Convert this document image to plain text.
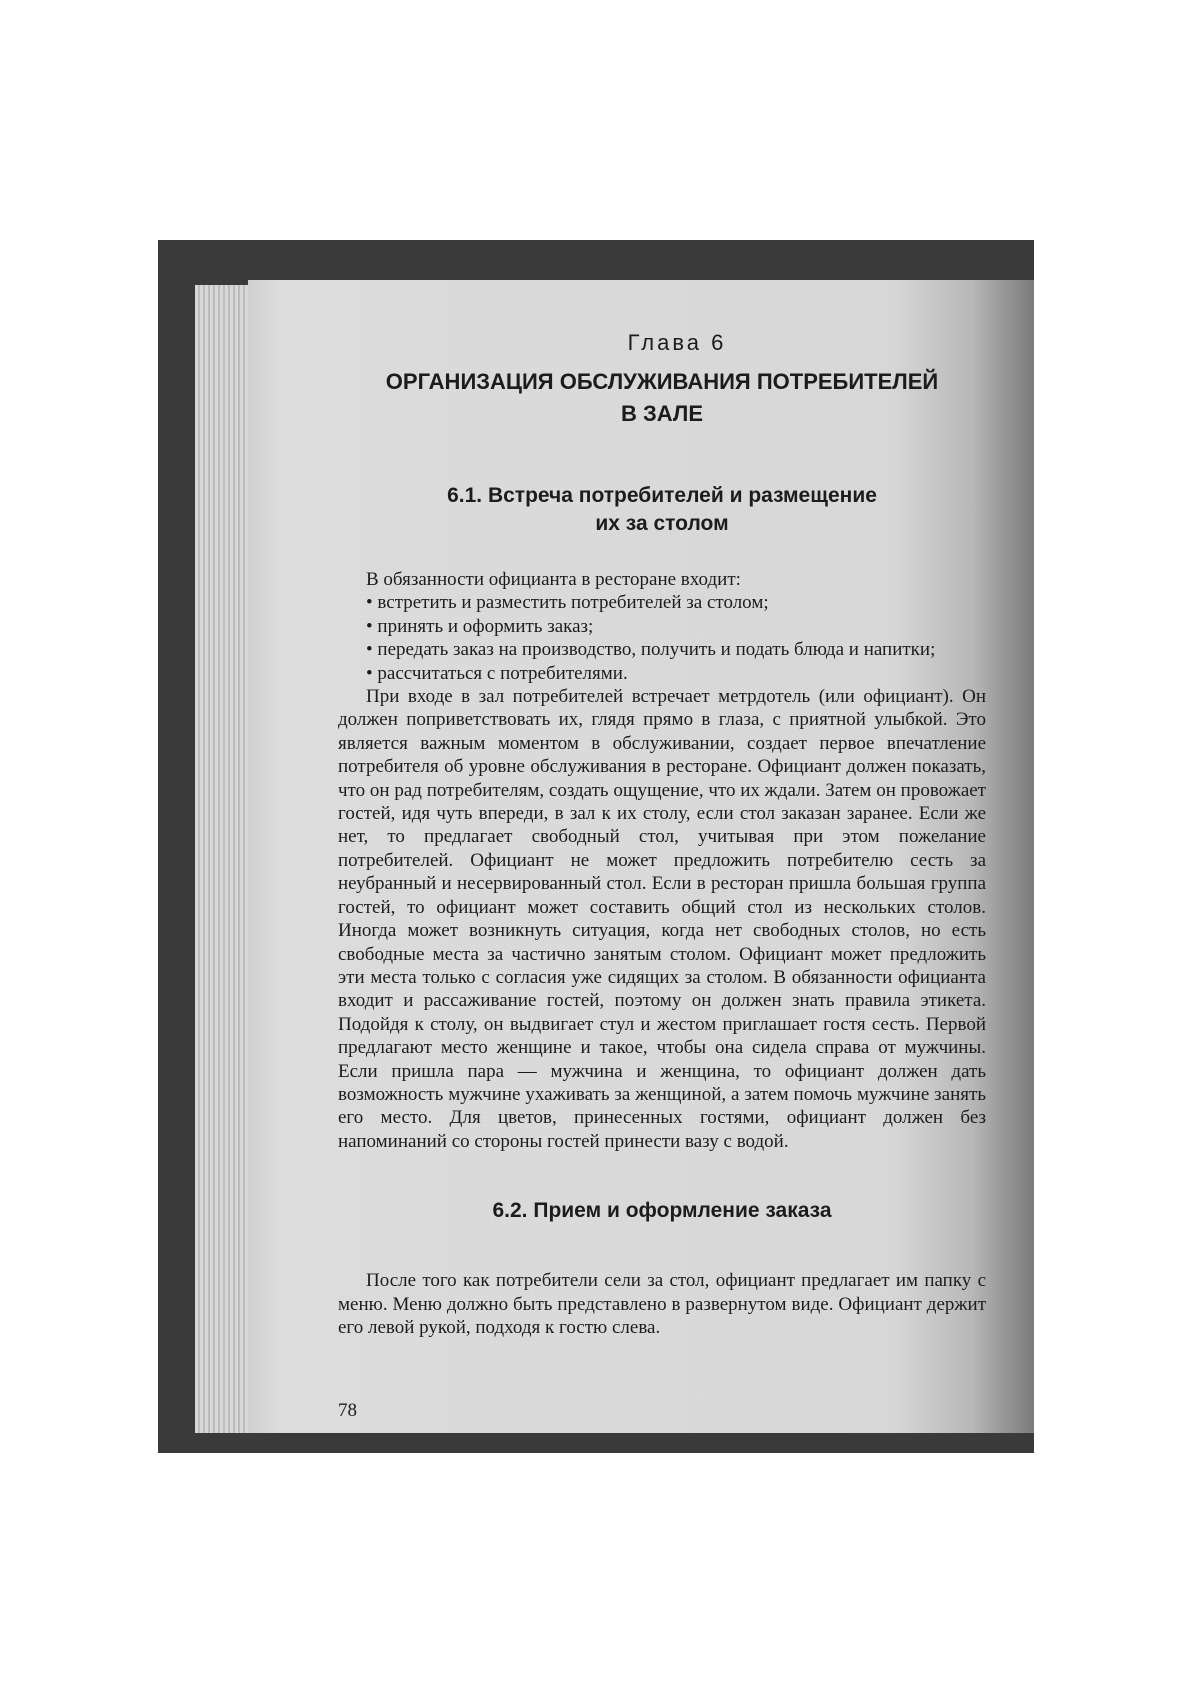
Глава 6
ОРГАНИЗАЦИЯ ОБСЛУЖИВАНИЯ ПОТРЕБИТЕЛЕЙ
В ЗАЛЕ
6.1. Встреча потребителей и размещение
их за столом

В обязанности официанта в ресторане входит:

• встретить и разместить потребителей за столом;

• принять и оформить заказ;

• передать заказ на производство, получить и подать блюда и напитки;

• рассчитаться с потребителями.

При входе в зал потребителей встречает метрдотель (или официант). Он должен поприветствовать их, глядя прямо в глаза, с приятной улыбкой. Это является важным моментом в обслуживании, создает первое впечатление потребителя об уровне обслуживания в ресторане. Официант должен показать, что он рад потребителям, создать ощущение, что их ждали. Затем он провожает гостей, идя чуть впереди, в зал к их столу, если стол заказан заранее. Если же нет, то предлагает свободный стол, учитывая при этом пожелание потребителей. Официант не может предложить потребителю сесть за неубранный и несервированный стол. Если в ресторан пришла большая группа гостей, то официант может составить общий стол из нескольких столов. Иногда может возникнуть ситуация, когда нет свободных столов, но есть свободные места за частично занятым столом. Официант может предложить эти места только с согласия уже сидящих за столом. В обязанности официанта входит и рассаживание гостей, поэтому он должен знать правила этикета. Подойдя к столу, он выдвигает стул и жестом приглашает гостя сесть. Первой предлагают место женщине и такое, чтобы она сидела справа от мужчины. Если пришла пара — мужчина и женщина, то официант должен дать возможность мужчине ухаживать за женщиной, а затем помочь мужчине занять его место. Для цветов, принесенных гостями, официант должен без напоминаний со стороны гостей принести вазу с водой.

6.2. Прием и оформление заказа

После того как потребители сели за стол, официант предлагает им папку с меню. Меню должно быть представлено в развернутом виде. Официант держит его левой рукой, подходя к гостю слева.

78
